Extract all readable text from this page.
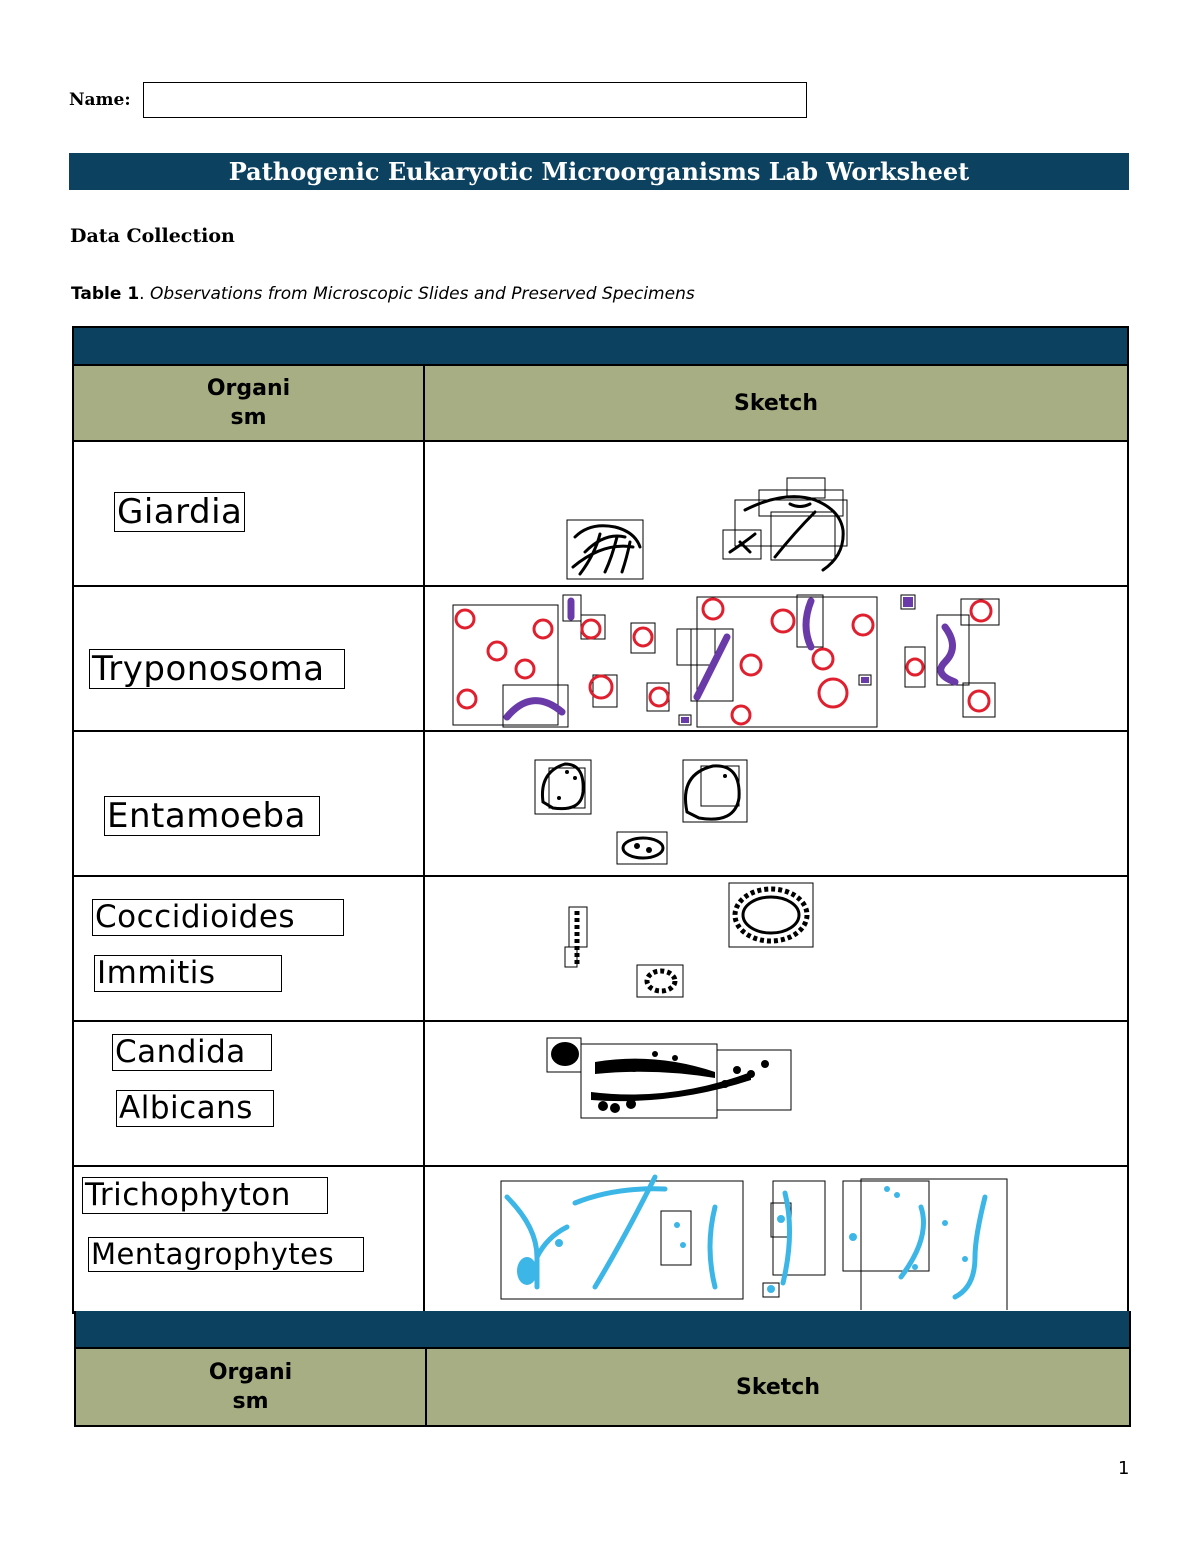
Name:
Pathogenic Eukaryotic Microorganisms Lab Worksheet
Data Collection
Table 1. Observations from Microscopic Slides and Preserved Specimens
Organism
Sketch
Giardia
Tryponosoma
Entamoeba
Coccidioides
Immitis
Candida
Albicans
Trichophyton
Mentagrophytes
Organism
Sketch
1
